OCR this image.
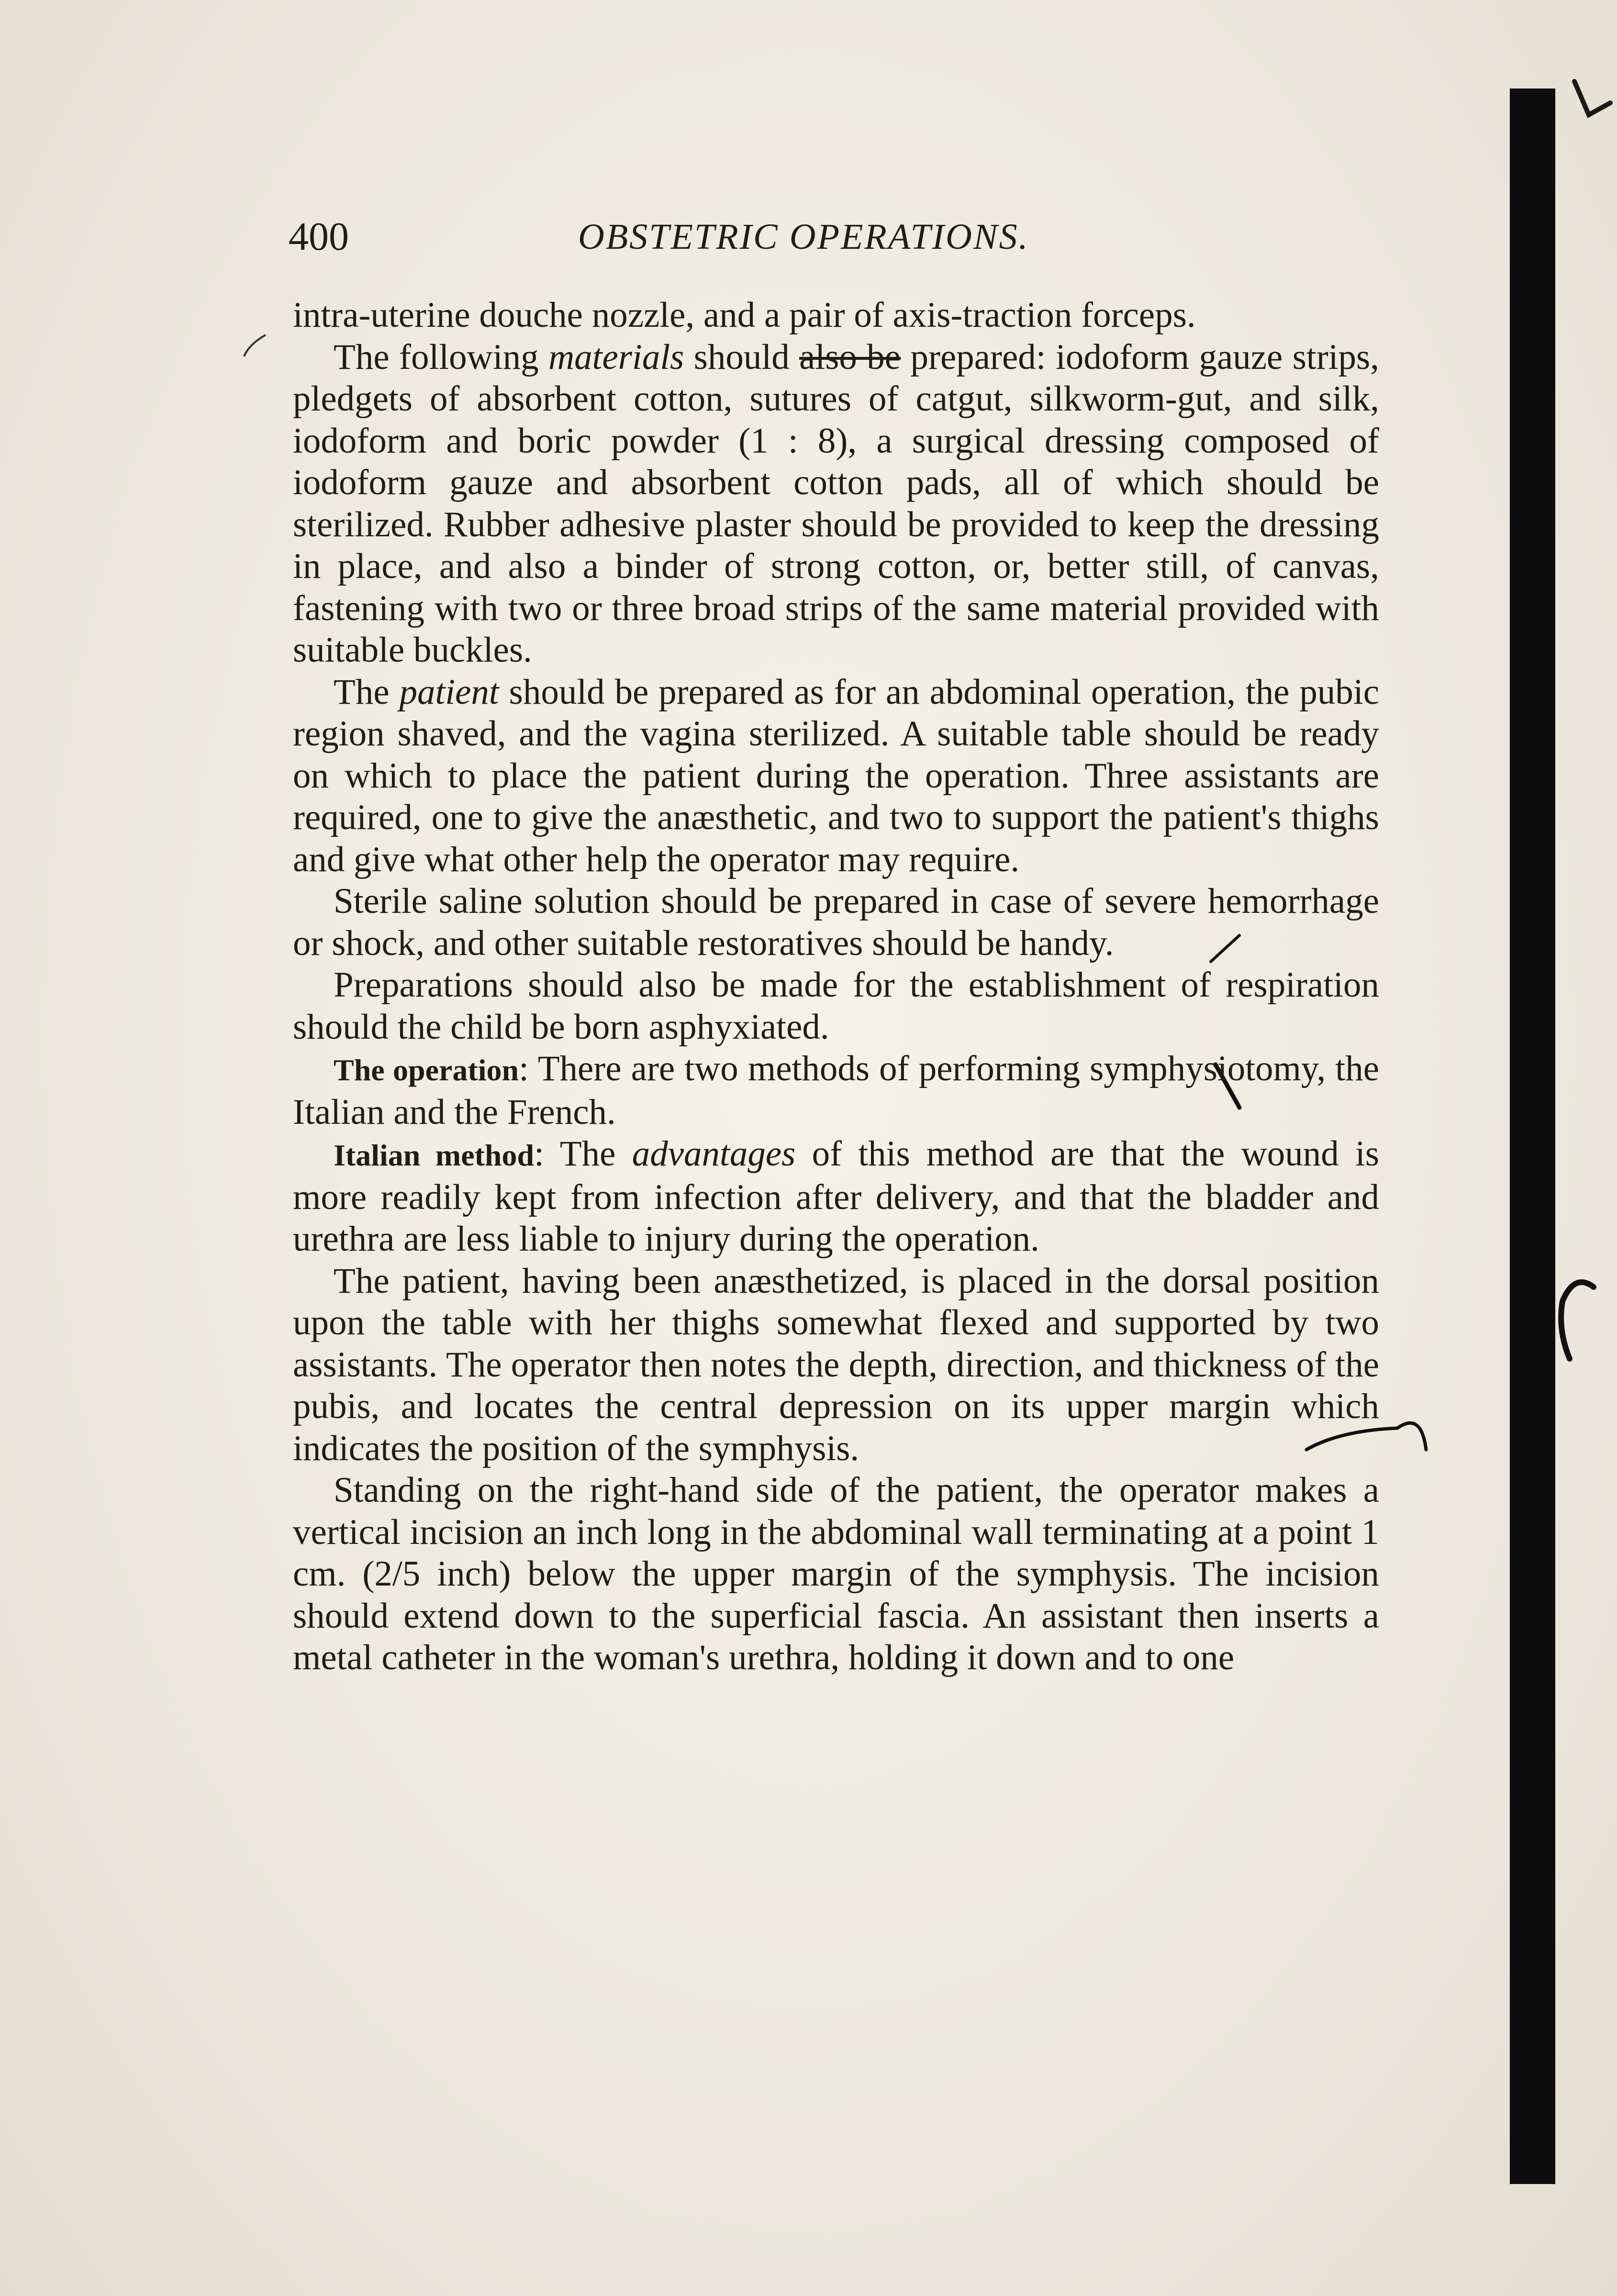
400	OBSTETRIC OPERATIONS.

intra-uterine douche nozzle, and a pair of axis-traction forceps.

The following materials should also be prepared: iodoform gauze strips, pledgets of absorbent cotton, sutures of catgut, silkworm-gut, and silk, iodoform and boric powder (1 : 8), a surgical dressing composed of iodoform gauze and absorbent cotton pads, all of which should be sterilized. Rubber adhesive plaster should be provided to keep the dressing in place, and also a binder of strong cotton, or, better still, of canvas, fastening with two or three broad strips of the same material provided with suitable buckles.

The patient should be prepared as for an abdominal operation, the pubic region shaved, and the vagina sterilized. A suitable table should be ready on which to place the patient during the operation. Three assistants are required, one to give the anæsthetic, and two to support the patient's thighs and give what other help the operator may require.

Sterile saline solution should be prepared in case of severe hemorrhage or shock, and other suitable restoratives should be handy.

Preparations should also be made for the establishment of respiration should the child be born asphyxiated.

The operation: There are two methods of performing symphysiotomy, the Italian and the French.

Italian method: The advantages of this method are that the wound is more readily kept from infection after delivery, and that the bladder and urethra are less liable to injury during the operation.

The patient, having been anæsthetized, is placed in the dorsal position upon the table with her thighs somewhat flexed and supported by two assistants. The operator then notes the depth, direction, and thickness of the pubis, and locates the central depression on its upper margin which indicates the position of the symphysis.

Standing on the right-hand side of the patient, the operator makes a vertical incision an inch long in the abdominal wall terminating at a point 1 cm. (2/5 inch) below the upper margin of the symphysis. The incision should extend down to the superficial fascia. An assistant then inserts a metal catheter in the woman's urethra, holding it down and to one
